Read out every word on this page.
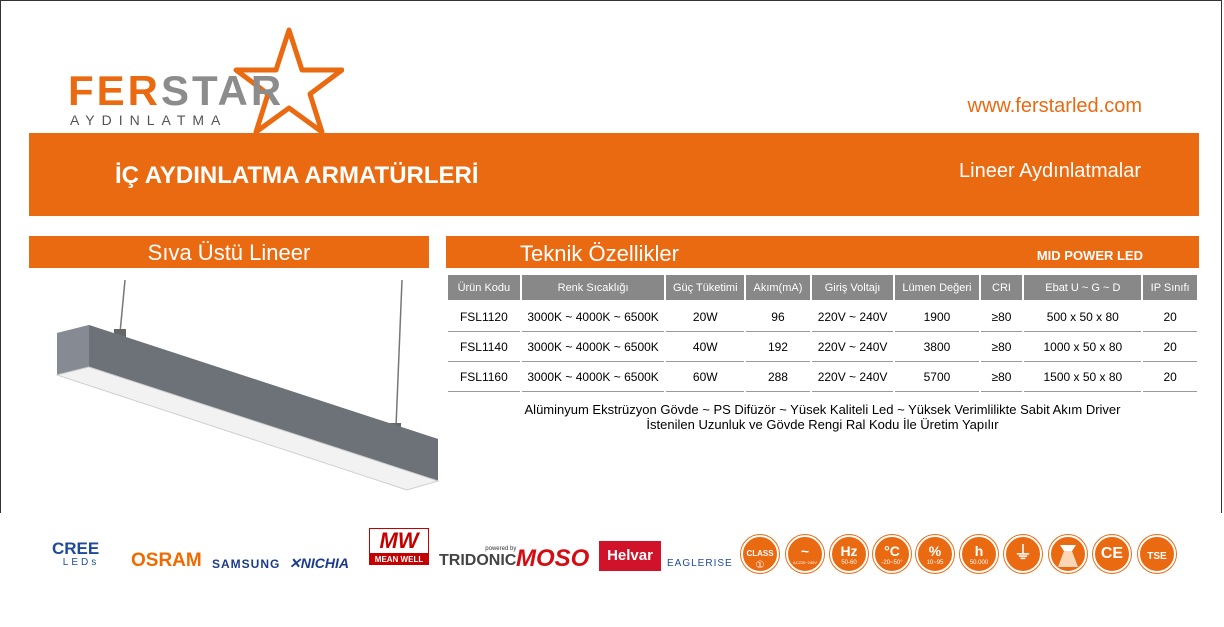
FERSTAR
AYDINLATMA
www.ferstarled.com
İÇ AYDINLATMA ARMATÜRLERİ	Lineer Aydınlatmalar
Sıva Üstü Lineer	Teknik Özellikler	MID POWER LED
Ürün Kodu	Renk Sıcaklığı	Güç Tüketimi	Akım(mA)	Giriş Voltajı	Lümen Değeri	CRI	Ebat U ~ G ~ D	IP Sınıfı
FSL1120	3000K ~ 4000K ~ 6500K	20W	96	220V ~ 240V	1900	≥80	500 x 50 x 80	20
FSL1140	3000K ~ 4000K ~ 6500K	40W	192	220V ~ 240V	3800	≥80	1000 x 50 x 80	20
FSL1160	3000K ~ 4000K ~ 6500K	60W	288	220V ~ 240V	5700	≥80	1500 x 50 x 80	20
Alüminyum Ekstrüzyon Gövde ~ PS Difüzör ~ Yüsek Kaliteli Led ~ Yüksek Verimlilikte Sabit Akım Driver
İstenilen Uzunluk ve Gövde Rengi Ral Kodu İle Üretim Yapılır
CREE
LEDs OSRAM SAMSUNG ✕NICHIA
MW
MEAN WELL
powered by
TRIDONIC MOSO	Helvar	EAGLERISE
CLASS
①
~
AC220~240V
Hz
50-60
°C
-20~50°
%
10~95
h
50.000	⏚	CE	TSE
